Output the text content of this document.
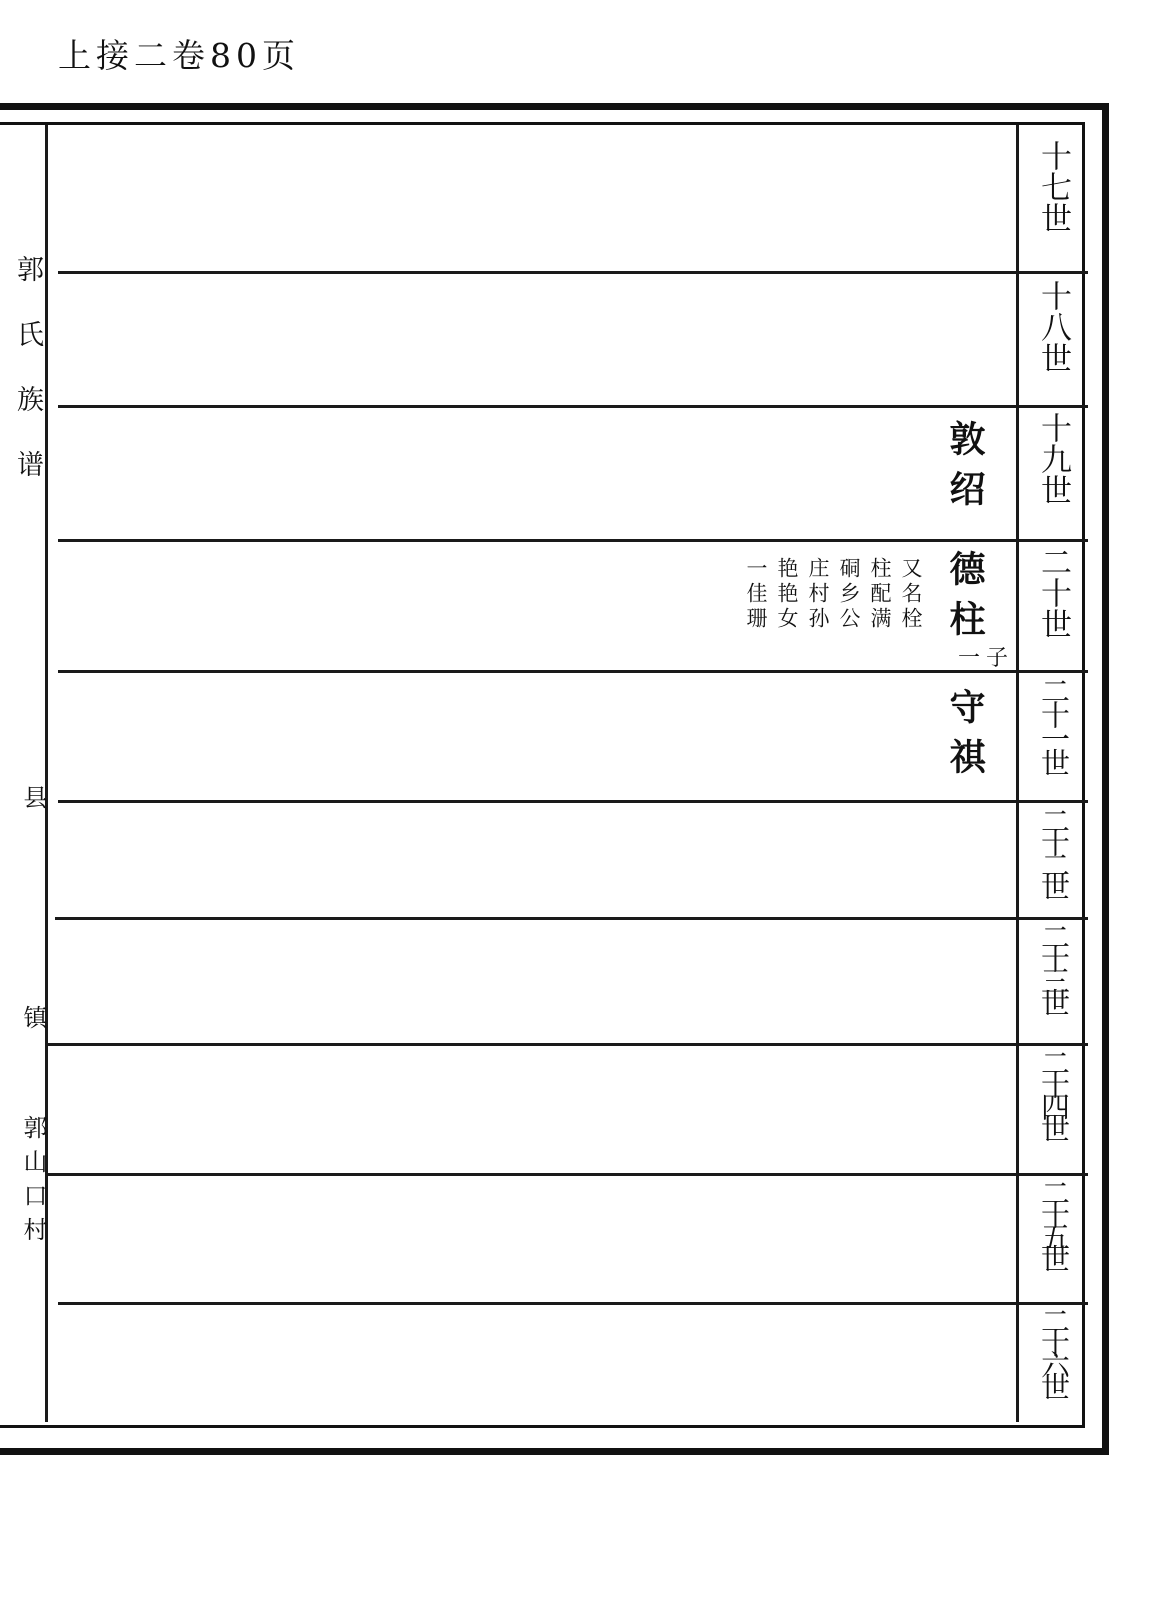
上接二卷80页
郭氏族谱
县
镇
郭山口村
十七世
十八世
十九世
二十世
二十一世
二十二世
二十三世
二十四世
二十五世
二十六世
敦绍
德柱
一子
又名栓
柱配满
硐乡公
庄村孙
艳艳女
一佳珊
守祺
